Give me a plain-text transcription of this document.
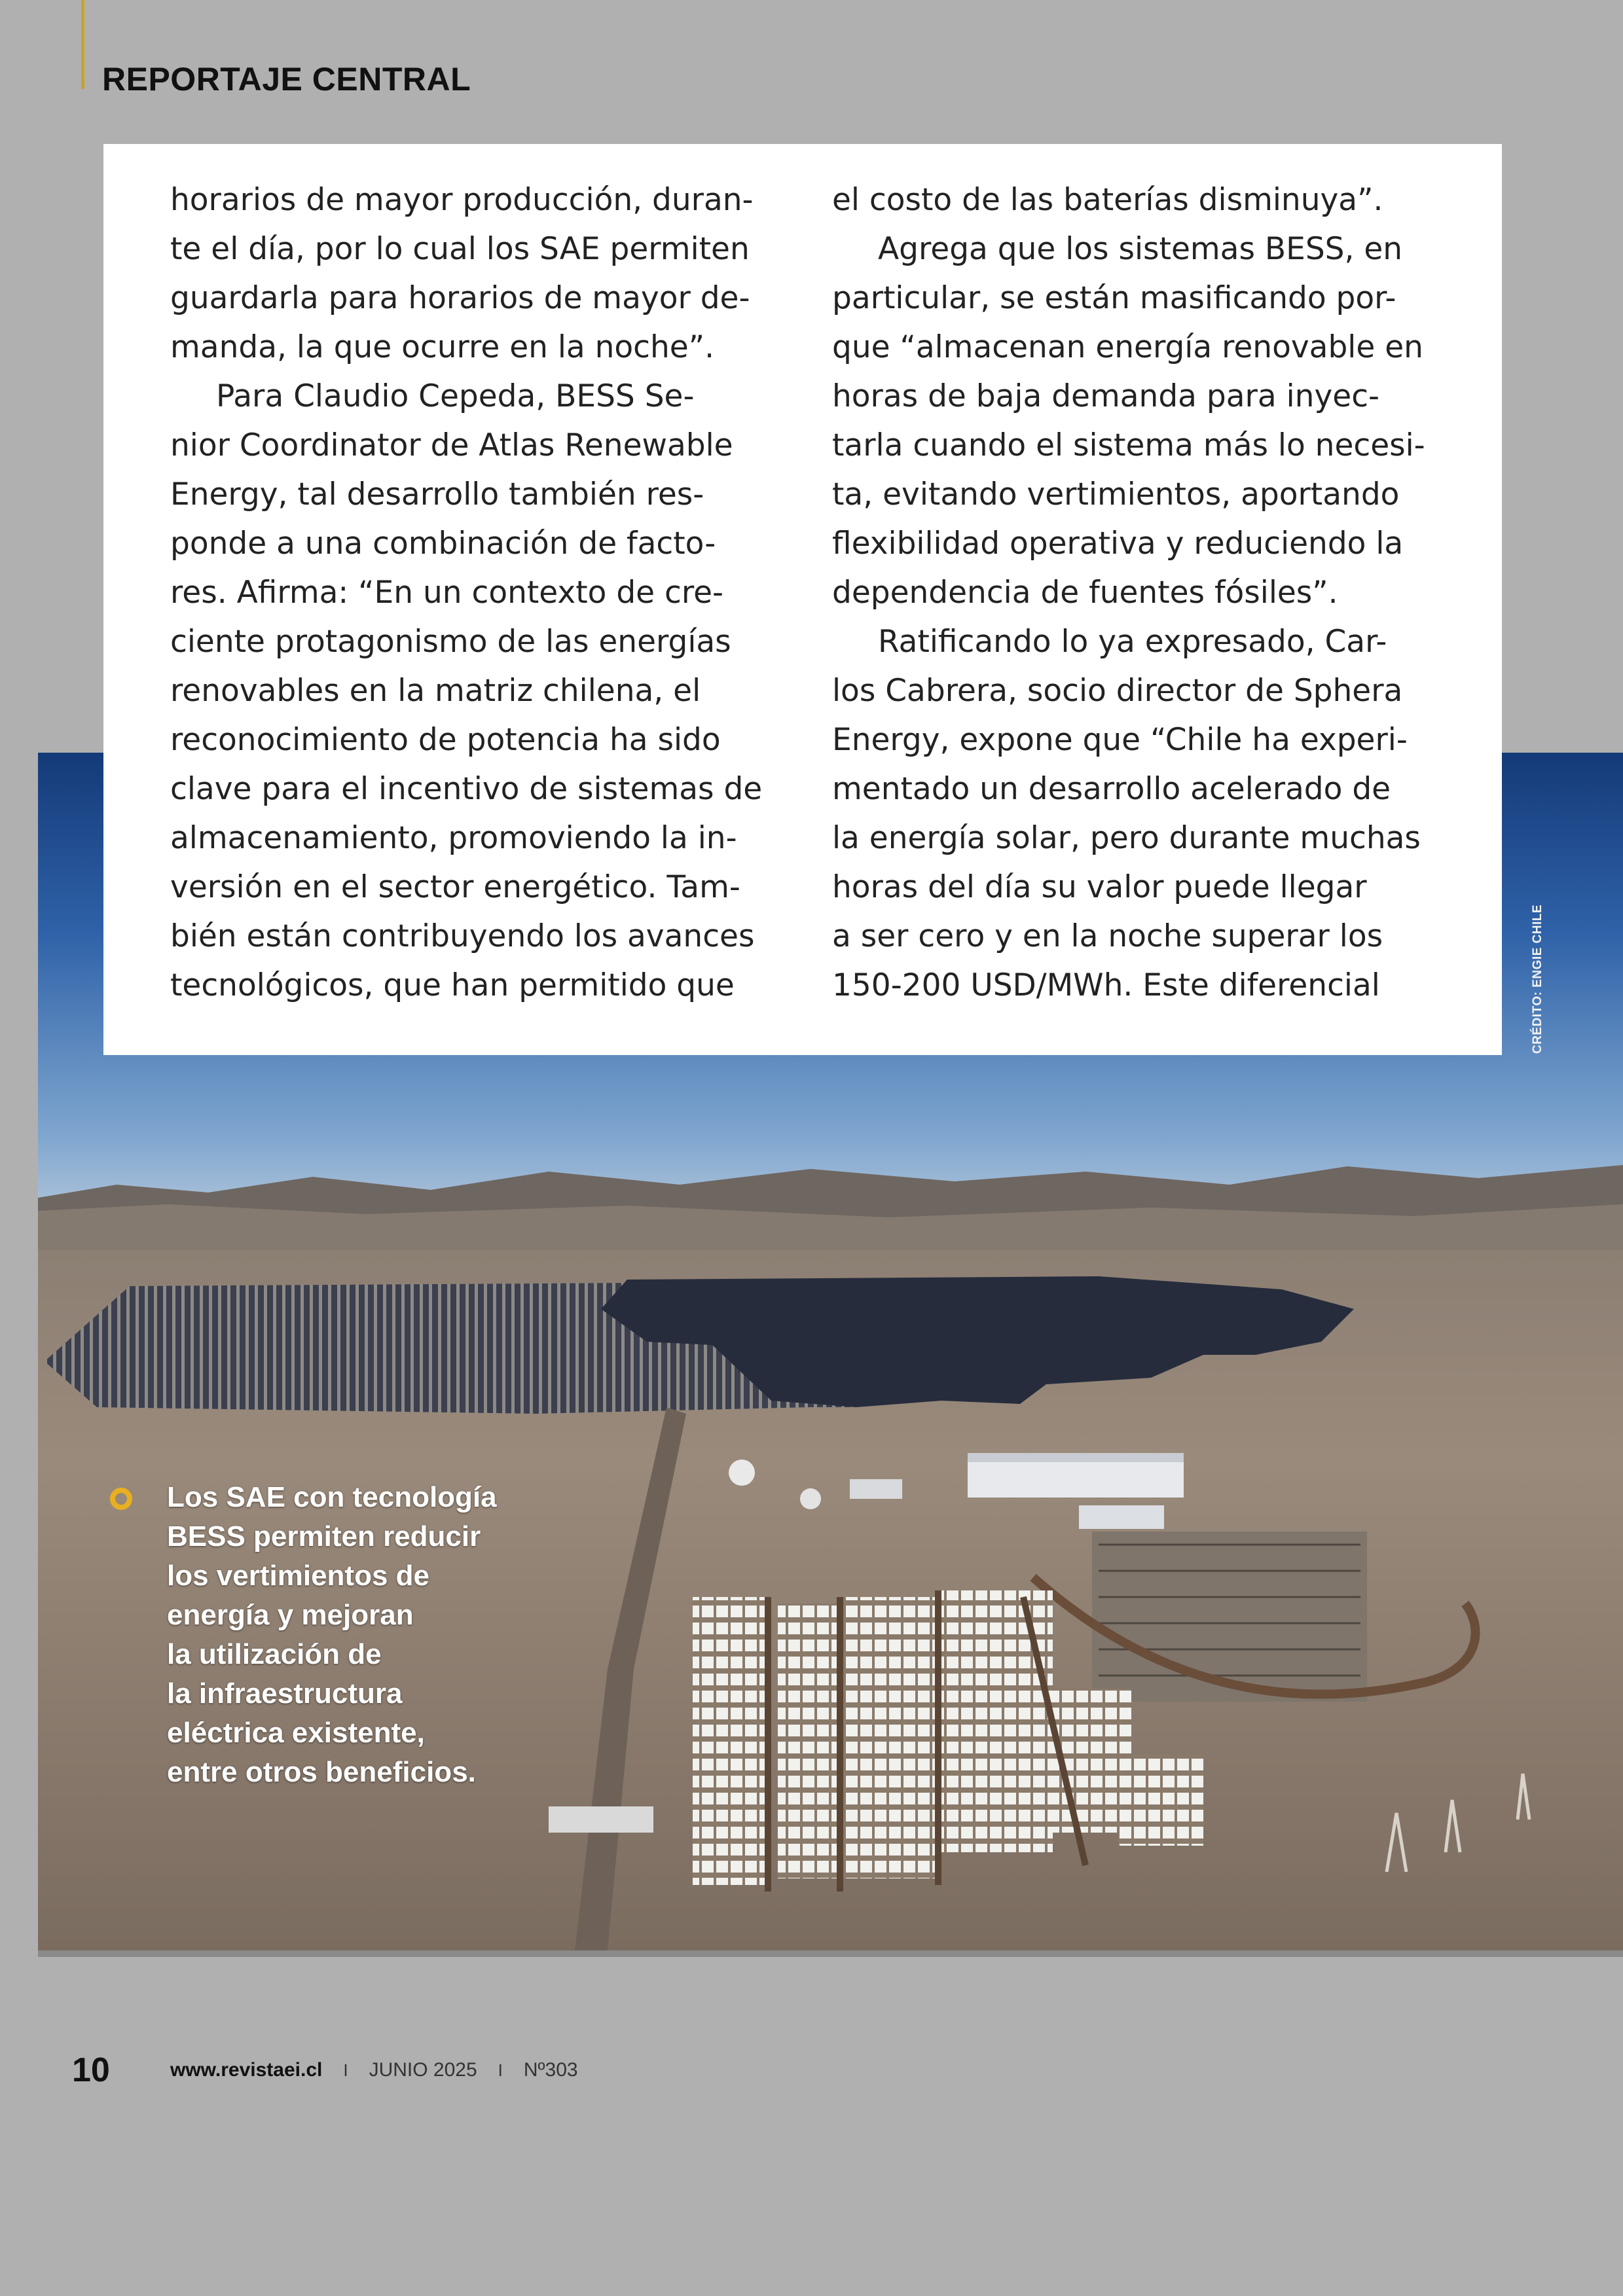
REPORTAJE CENTRAL
horarios de mayor producción, duran-
te el día, por lo cual los SAE permiten
guardarla para horarios de mayor de-
manda, la que ocurre en la noche”.
Para Claudio Cepeda, BESS Se-
nior Coordinator de Atlas Renewable
Energy, tal desarrollo también res-
ponde a una combinación de facto-
res. Afirma: “En un contexto de cre-
ciente protagonismo de las energías
renovables en la matriz chilena, el
reconocimiento de potencia ha sido
clave para el incentivo de sistemas de
almacenamiento, promoviendo la in-
versión en el sector energético. Tam-
bién están contribuyendo los avances
tecnológicos, que han permitido que
el costo de las baterías disminuya”.
Agrega que los sistemas BESS, en
particular, se están masificando por-
que “almacenan energía renovable en
horas de baja demanda para inyec-
tarla cuando el sistema más lo necesi-
ta, evitando vertimientos, aportando
flexibilidad operativa y reduciendo la
dependencia de fuentes fósiles”.
Ratificando lo ya expresado, Car-
los Cabrera, socio director de Sphera
Energy, expone que “Chile ha experi-
mentado un desarrollo acelerado de
la energía solar, pero durante muchas
horas del día su valor puede llegar
a ser cero y en la noche superar los
150-200 USD/MWh. Este diferencial	CRÉDITO: ENGIE CHILE
Los SAE con tecnología
BESS permiten reducir
los vertimientos de
energía y mejoran
la utilización de
la infraestructura
eléctrica existente,
entre otros beneficios.
10	www.revistaei.cl I JUNIO 2025 I Nº303
